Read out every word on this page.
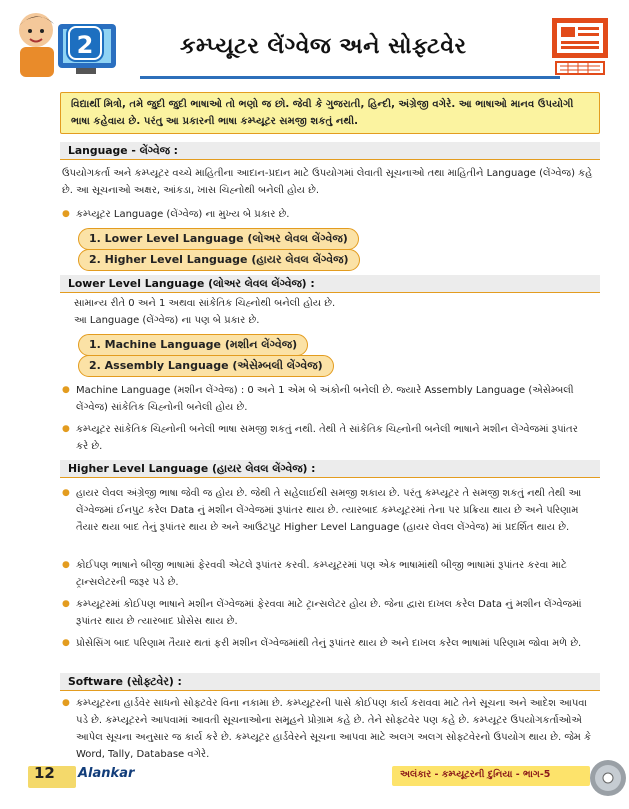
2	કમ્પ્યૂટર લેંગ્વેજ અને સોફ્ટવેર
વિદ્યાર્થી મિત્રો, તમે જુદી જુદી ભાષાઓ તો ભણો જ છો. જેવી કે ગુજરાતી, હિન્દી, અંગ્રેજી વગેરે. આ ભાષાઓ માનવ ઉપયોગી ભાષા કહેવાય છે. પરંતુ આ પ્રકારની ભાષા કમ્પ્યૂટર સમજી શકતું નથી.
Language - લેંગ્વેજ :
ઉપયોગકર્તા અને કમ્પ્યૂટર વચ્ચે માહિતીના આદાન-પ્રદાન માટે ઉપયોગમાં લેવાતી સૂચનાઓ તથા માહિતીને Language (લેંગ્વેજ) કહે છે. આ સૂચનાઓ અક્ષર, આંકડા, ખાસ ચિહ્નોથી બનેલી હોય છે.
● કમ્પ્યૂટર Language (લેંગ્વેજ) ના મુખ્ય બે પ્રકાર છે.
1. Lower Level Language (લોઅર લેવલ લેંગ્વેજ)
2. Higher Level Language (હાયર લેવલ લેંગ્વેજ)
Lower Level Language (લોઅર લેવલ લેંગ્વેજ) :
સામાન્ય રીતે 0 અને 1 અથવા સાંકેતિક ચિહ્નોથી બનેલી હોય છે.
આ Language (લેંગ્વેજ) ના પણ બે પ્રકાર છે.
1. Machine Language (મશીન લેંગ્વેજ)
2. Assembly Language (એસેમ્બલી લેંગ્વેજ)
● Machine Language (મશીન લેંગ્વેજ) : 0 અને 1 એમ બે અંકોની બનેલી છે. જ્યારે Assembly Language (એસેમ્બલી લેંગ્વેજ) સાંકેતિક ચિહ્નોની બનેલી હોય છે.
● કમ્પ્યૂટર સાંકેતિક ચિહ્નોની બનેલી ભાષા સમજી શકતું નથી. તેથી તે સાંકેતિક ચિહ્નોની બનેલી ભાષાને મશીન લેંગ્વેજમાં રૂપાંતર કરે છે.
Higher Level Language (હાયર લેવલ લેંગ્વેજ) :
● હાયર લેવલ અંગ્રેજી ભાષા જેવી જ હોય છે. જેથી તે સહેલાઈથી સમજી શકાય છે. પરંતુ કમ્પ્યૂટર તે સમજી શકતું નથી તેથી આ લેંગ્વેજમાં ઈનપુટ કરેલ Data નું મશીન લેંગ્વેજમાં રૂપાંતર થાય છે. ત્યારબાદ કમ્પ્યૂટરમાં તેના પર પ્રક્રિયા થાય છે અને પરિણામ તૈયાર થયા બાદ તેનું રૂપાંતર થાય છે અને આઉટપુટ Higher Level Language (હાયર લેવલ લેંગ્વેજ) માં પ્રદર્શિત થાય છે.
● કોઈપણ ભાષાને બીજી ભાષામાં ફેરવવી એટલે રૂપાંતર કરવી. કમ્પ્યૂટરમાં પણ એક ભાષામાંથી બીજી ભાષામાં રૂપાંતર કરવા માટે ટ્રાન્સલેટરની જરૂર પડે છે.
● કમ્પ્યૂટરમાં કોઈપણ ભાષાને મશીન લેંગ્વેજમાં ફેરવવા માટે ટ્રાન્સલેટર હોય છે. જેના દ્વારા દાખલ કરેલ Data નું મશીન લેંગ્વેજમાં રૂપાંતર થાય છે ત્યારબાદ પ્રોસેસ થાય છે.
● પ્રોસેસિંગ બાદ પરિણામ તૈયાર થતાં ફરી મશીન લેંગ્વેજમાંથી તેનું રૂપાંતર થાય છે અને દાખલ કરેલ ભાષામાં પરિણામ જોવા મળે છે.
Software (સોફ્ટવેર) :
● કમ્પ્યૂટરના હાર્ડવેર સાધનો સોફ્ટવેર વિના નકામા છે. કમ્પ્યૂટરની પાસે કોઈપણ કાર્ય કરાવવા માટે તેને સૂચના અને આદેશ આપવા પડે છે. કમ્પ્યૂટરને આપવામાં આવતી સૂચનાઓના સમૂહને પ્રોગ્રામ કહે છે. તેને સોફ્ટવેર પણ કહે છે. કમ્પ્યૂટર ઉપયોગકર્તાઓએ આપેલ સૂચના અનુસાર જ કાર્ય કરે છે. કમ્પ્યૂટર હાર્ડવેરને સૂચના આપવા માટે અલગ અલગ સોફ્ટવેરનો ઉપયોગ થાય છે. જેમ કે Word, Tally, Database વગેરે.
12 Alankar	અલંકાર - કમ્પ્યૂટરની દુનિયા - ભાગ-5
